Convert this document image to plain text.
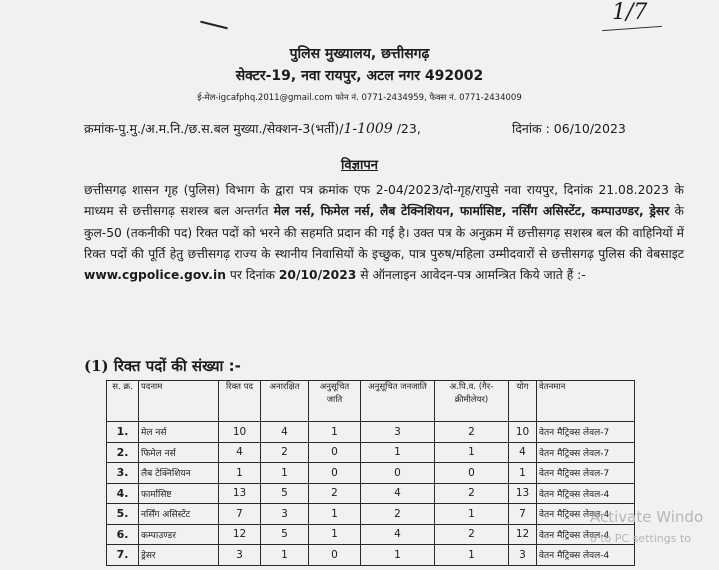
1/7
पुलिस मुख्यालय, छत्तीसगढ़
सेक्टर-19, नवा रायपुर, अटल नगर 492002
ई-मेल-igcafphq.2011@gmail.com फोन नं. 0771-2434959, फैक्स नं. 0771-2434009
क्रमांक-पु.मु./अ.म.नि./छ.स.बल मुख्या./सेक्शन-3(भर्ती)/1-1009 /23,	दिनांक : 06/10/2023
विज्ञापन
छत्तीसगढ़ शासन गृह (पुलिस) विभाग के द्वारा पत्र क्रमांक एफ 2-04/2023/दो-गृह/रापुसे नवा रायपुर, दिनांक 21.08.2023 के माध्यम से छत्तीसगढ़ सशस्त्र बल अन्तर्गत मेल नर्स, फिमेल नर्स, लैब टेक्निशियन, फार्मासिष्ट, नर्सिंग असिस्टेंट, कम्पाउण्डर, ड्रेसर के कुल-50 (तकनीकी पद) रिक्त पदों को भरने की सहमति प्रदान की गई है। उक्त पत्र के अनुक्रम में छत्तीसगढ़ सशस्त्र बल की वाहिनियों में रिक्त पदों की पूर्ति हेतु छत्तीसगढ़ राज्य के स्थानीय निवासियों के इच्छुक, पात्र पुरुष/महिला उम्मीदवारों से छत्तीसगढ़ पुलिस की वेबसाइट www.cgpolice.gov.in पर दिनांक 20/10/2023 से ऑनलाइन आवेदन-पत्र आमन्त्रित किये जाते हैं :-
(1) रिक्त पदों की संख्या :-
स. क्र.	पदनाम	रिक्त पद	अनारक्षित	अनुसूचित जाति	अनुसूचित जनजाति	अ.पि.व. (गैर-क्रीमीलेयर)	योग	वेतनमान
1.	मेल नर्स	10	4	1	3	2	10	वेतन मैट्रिक्स लेवल-7
2.	फिमेल नर्स	4	2	0	1	1	4	वेतन मैट्रिक्स लेवल-7
3.	लैब टेक्निशियन	1	1	0	0	0	1	वेतन मैट्रिक्स लेवल-7
4.	फार्मासिष्ट	13	5	2	4	2	13	वेतन मैट्रिक्स लेवल-4
5.	नर्सिंग असिस्टेंट	7	3	1	2	1	7	वेतन मैट्रिक्स लेवल-4
6.	कम्पाउण्डर	12	5	1	4	2	12	वेतन मैट्रिक्स लेवल-4
7.	ड्रेसर	3	1	0	1	1	3	वेतन मैट्रिक्स लेवल-4
Activate Windo
o to PC settings to
